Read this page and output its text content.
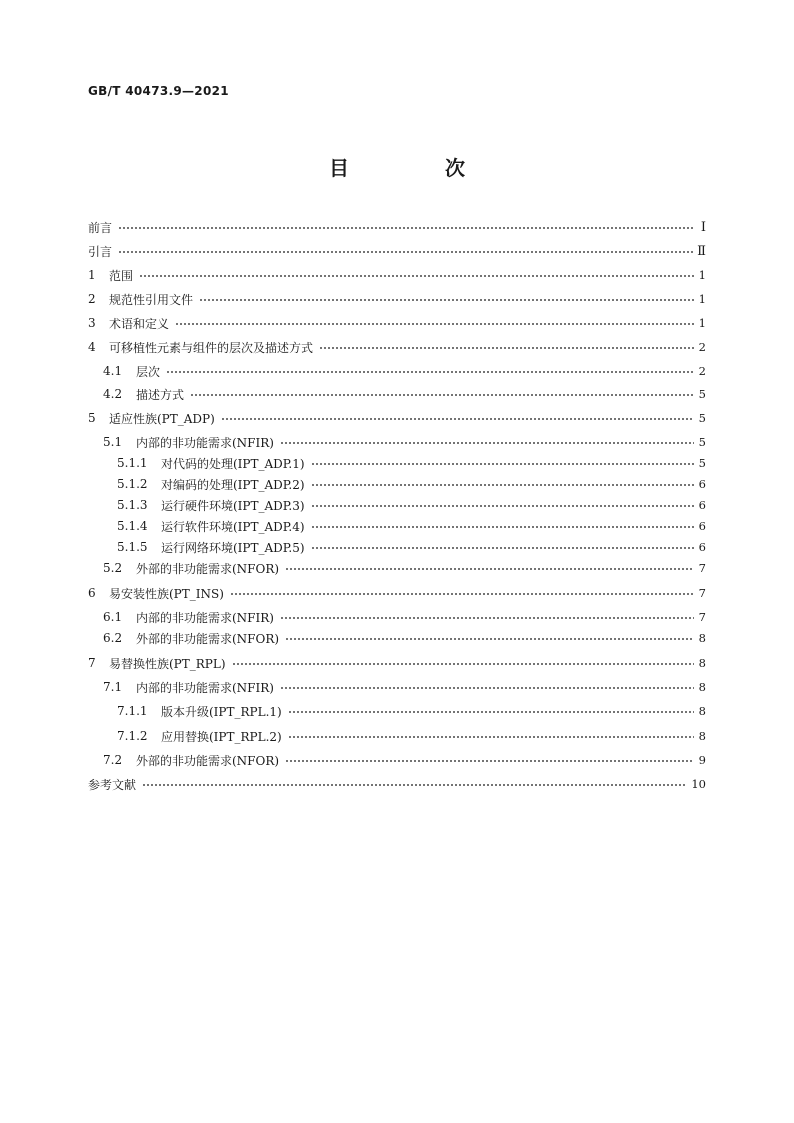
GB/T 40473.9—2021
目　次
前言	Ⅰ
引言	Ⅱ
1	范围	1
2	规范性引用文件	1
3	术语和定义	1
4	可移植性元素与组件的层次及描述方式	2
4.1	层次	2
4.2	描述方式	5
5	适应性族(PT_ADP)	5
5.1	内部的非功能需求(NFIR)	5
5.1.1	对代码的处理(IPT_ADP.1)	5
5.1.2	对编码的处理(IPT_ADP.2)	6
5.1.3	运行硬件环境(IPT_ADP.3)	6
5.1.4	运行软件环境(IPT_ADP.4)	6
5.1.5	运行网络环境(IPT_ADP.5)	6
5.2	外部的非功能需求(NFOR)	7
6	易安装性族(PT_INS)	7
6.1	内部的非功能需求(NFIR)	7
6.2	外部的非功能需求(NFOR)	8
7	易替换性族(PT_RPL)	8
7.1	内部的非功能需求(NFIR)	8
7.1.1	版本升级(IPT_RPL.1)	8
7.1.2	应用替换(IPT_RPL.2)	8
7.2	外部的非功能需求(NFOR)	9
参考文献	10
